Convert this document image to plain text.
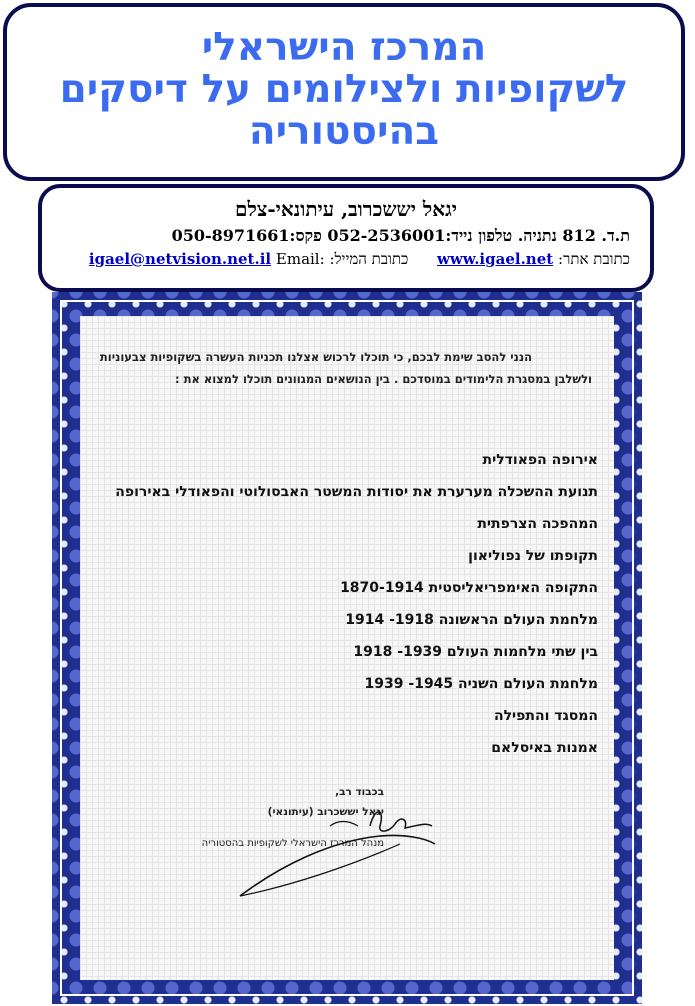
המרכז הישראלי
לשקופיות ולצילומים על דיסקים
בהיסטוריה
יגאל יששכרוב, עיתונאי-צלם
ת.ד. 812 נתניה. טלפון נייד:052-2536001 פקס:050-8971661
כתובת אתר: www.igael.net      כתובת המייל: igael@netvision.net.il Email:
הנני להסב שימת לבכם, כי תוכלו לרכוש אצלנו תכניות העשרה בשקופיות צבעוניות
ולשלבן במסגרת הלימודים במוסדכם . בין הנושאים המגוונים תוכלו למצוא את :
אירופה הפאודלית
תנועת ההשכלה מערערת את יסודות המשטר האבסולוטי והפאודלי באירופה
המהפכה הצרפתית
תקופתו של נפוליאון
התקופה האימפריאליסטית 1870-1914
מלחמת העולם הראשונה 1918- 1914
בין שתי מלחמות העולם 1939- 1918
מלחמת העולם השניה 1945- 1939
המסגד והתפילה
אמנות באיסלאם
בכבוד רב,
יגאל יששכרוב (עיתונאי)
מנהל המרכז הישראלי לשקופיות בהסטוריה
